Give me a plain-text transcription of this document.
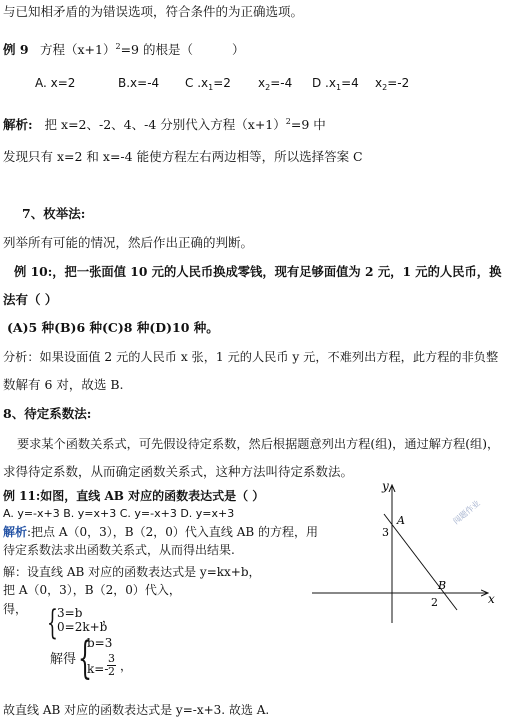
与已知相矛盾的为错误选项，符合条件的为正确选项。
例 9 方程$(x+1)^2=9$ 的根是（	）
A. x=2	B.x=-4 C $.x_1=2$ $x_2=-4$ D $.x_1=4$ $x_2=-2$
解析: 把 x=2、-2、4、-4 分别代入方程$(x+1)^2=9$ 中
发现只有 x=2 和 x=-4 能使方程左右两边相等，所以选择答案 C
7、枚举法:
列举所有可能的情况，然后作出正确的判断。
例 10:，把一张面值 10 元的人民币换成零钱，现有足够面值为 2 元，1 元的人民币，换
法有（ ）
(A)5 种(B)6 种(C)8 种(D)10 种。
分析：如果设面值 2 元的人民币 x 张，1 元的人民币 y 元，不难列出方程，此方程的非负整
数解有 6 对，故选 B.
8、待定系数法:
要求某个函数关系式，可先假设待定系数，然后根据题意列出方程(组)，通过解方程(组)，
求得待定系数，从而确定函数关系式，这种方法叫待定系数法。
例 11:如图，直线 AB 对应的函数表达式是（ ）
A. y=-x+3 B. y=x+3 C. y=-x+3 D. y=x+3
解析:把点 A（0，3），B（2，0）代入直线 AB 的方程，用
待定系数法求出函数关系式，从而得出结果.
解：设直线 AB 对应的函数表达式是 y=kx+b，
把 A（0，3），B（2，0）代入，
得， { 3=b
0=2k+b
，
解得 {
b=3
k=-
$\frac{3}{2}$ ，
故直线 AB 对应的函数表达式是 y=-x+3. 故选 A.
y
x
A
B
3
2
闯题作业
